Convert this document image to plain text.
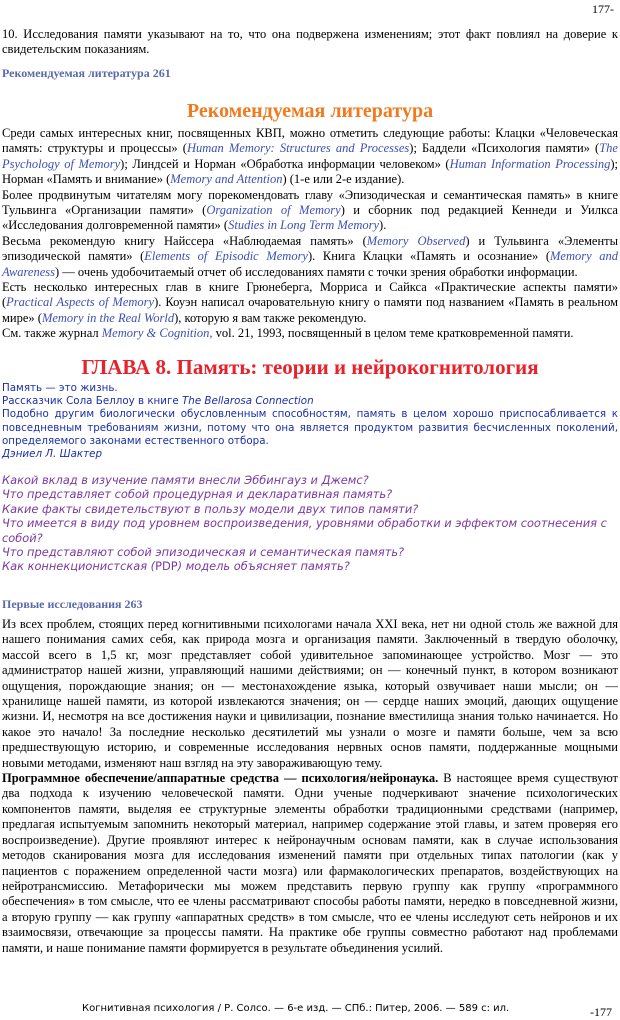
177-

10. Исследования памяти указывают на то, что она подвержена изменениям; этот факт повлиял на доверие к свидетельским показаниям.

Рекомендуемая литература 261

Рекомендуемая литература

Среди самых интересных книг, посвященных КВП, можно отметить следующие работы: Клацки «Человеческая память: структуры и процессы» (Human Memory: Structures and Processes); Баддели «Психология памяти» (The Psychology of Memory); Линдсей и Норман «Обработка информации человеком» (Human Information Processing); Норман «Память и внимание» (Memory and Attention) (1-е или 2-е издание).

Более продвинутым читателям могу порекомендовать главу «Эпизодическая и семантическая память» в книге Тульвинга «Организации памяти» (Organization of Memory) и сборник под редакцией Кеннеди и Уилкса «Исследования долговременной памяти» (Studies in Long Term Memory).

Весьма рекомендую книгу Найссера «Наблюдаемая память» (Memory Observed) и Тульвинга «Элементы эпизодической памяти» (Elements of Episodic Memory). Книга Клацки «Память и осознание» (Memory and Awareness) — очень удобочитаемый отчет об исследованиях памяти с точки зрения обработки информации.

Есть несколько интересных глав в книге Грюнеберга, Морриса и Сайкса «Практические аспекты памяти» (Practical Aspects of Memory). Коуэн написал очаровательную книгу о памяти под названием «Память в реальном мире» (Memory in the Real World), которую я вам также рекомендую.

См. также журнал Memory & Cognition, vol. 21, 1993, посвященный в целом теме кратковременной памяти.

ГЛАВА 8. Память: теории и нейрокогнитология

Память — это жизнь.

Рассказчик Сола Беллоу в книге The Bellarosa Connection

Подобно другим биологически обусловленным способностям, память в целом хорошо приспосабливается к повседневным требованиям жизни, потому что она является продуктом развития бесчисленных поколений, определяемого законами естественного отбора.

Дэниел Л. Шактер

Какой вклад в изучение памяти внесли Эббингауз и Джемс?

Что представляет собой процедурная и декларативная память?

Какие факты свидетельствуют в пользу модели двух типов памяти?

Что имеется в виду под уровнем воспроизведения, уровнями обработки и эффектом соотнесения с собой?

Что представляют собой эпизодическая и семантическая память?

Как коннекционистская (PDP) модель объясняет память?

Первые исследования 263

Из всех проблем, стоящих перед когнитивными психологами начала XXI века, нет ни одной столь же важной для нашего понимания самих себя, как природа мозга и организация памяти. Заключенный в твердую оболочку, массой всего в 1,5 кг, мозг представляет собой удивительное запоминающее устройство. Мозг — это администратор нашей жизни, управляющий нашими действиями; он — конечный пункт, в котором возникают ощущения, порождающие знания; он — местонахождение языка, который озвучивает наши мысли; он — хранилище нашей памяти, из которой извлекаются значения; он — сердце наших эмоций, дающих ощущение жизни. И, несмотря на все достижения науки и цивилизации, познание вместилища знания только начинается. Но какое это начало! За последние несколько десятилетий мы узнали о мозге и памяти больше, чем за всю предшествующую историю, и современные исследования нервных основ памяти, поддержанные мощными новыми методами, изменяют наш взгляд на эту завораживающую тему.

Программное обеспечение/аппаратные средства — психология/нейронаука. В настоящее время существуют два подхода к изучению человеческой памяти. Одни ученые подчеркивают значение психологических компонентов памяти, выделяя ее структурные элементы обработки традиционными средствами (например, предлагая испытуемым запомнить некоторый материал, например содержание этой главы, и затем проверяя его воспроизведение). Другие проявляют интерес к нейронаучным основам памяти, как в случае использования методов сканирования мозга для исследования изменений памяти при отдельных типах патологии (как у пациентов с поражением определенной части мозга) или фармакологических препаратов, воздействующих на нейротрансмиссию. Метафорически мы можем представить первую группу как группу «программного обеспечения» в том смысле, что ее члены рассматривают способы работы памяти, нередко в повседневной жизни, а вторую группу — как группу «аппаратных средств» в том смысле, что ее члены исследуют сеть нейронов и их взаимосвязи, отвечающие за процессы памяти. На практике обе группы совместно работают над проблемами памяти, и наше понимание памяти формируется в результате объединения усилий.

Когнитивная психология / Р. Солсо. — 6-е изд. — СПб.: Питер, 2006. — 589 с: ил.	-177
